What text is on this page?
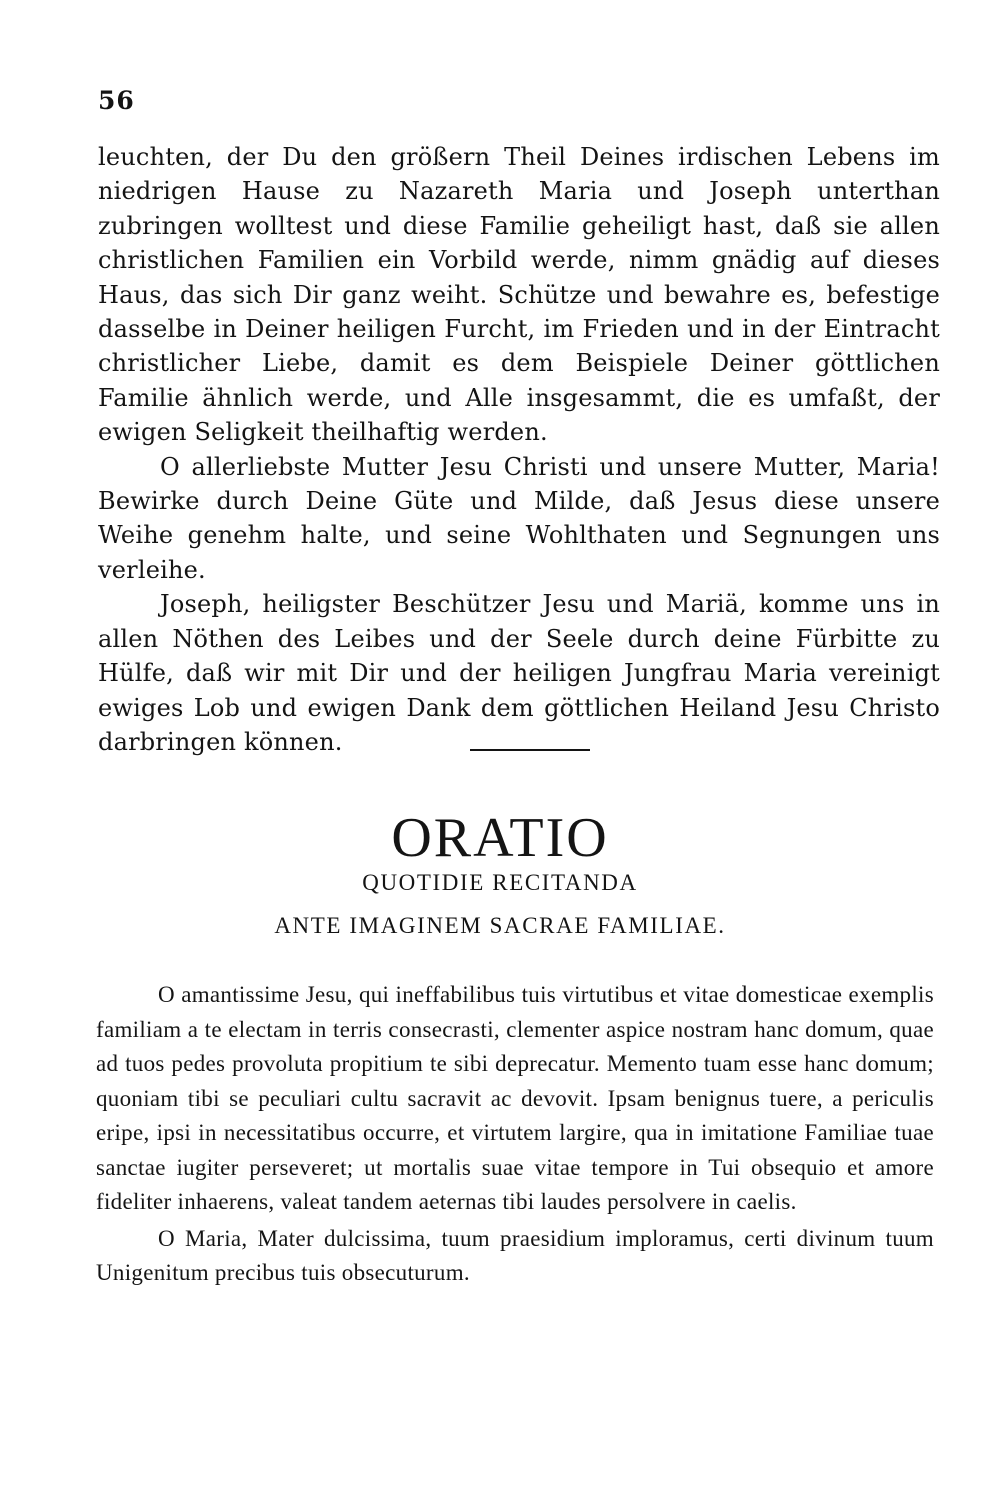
56

leuchten, der Du den größern Theil Deines irdischen Lebens im niedrigen Hause zu Nazareth Maria und Joseph unterthan zubringen wolltest und diese Familie geheiligt hast, daß sie allen christlichen Familien ein Vorbild werde, nimm gnädig auf dieses Haus, das sich Dir ganz weiht. Schütze und bewahre es, befestige dasselbe in Deiner heiligen Furcht, im Frieden und in der Eintracht christlicher Liebe, damit es dem Beispiele Deiner göttlichen Familie ähnlich werde, und Alle insgesammt, die es umfaßt, der ewigen Seligkeit theilhaftig werden.

O allerliebste Mutter Jesu Christi und unsere Mutter, Maria! Bewirke durch Deine Güte und Milde, daß Jesus diese unsere Weihe genehm halte, und seine Wohlthaten und Segnungen uns verleihe.

Joseph, heiligster Beschützer Jesu und Mariä, komme uns in allen Nöthen des Leibes und der Seele durch deine Fürbitte zu Hülfe, daß wir mit Dir und der heiligen Jungfrau Maria vereinigt ewiges Lob und ewigen Dank dem göttlichen Heiland Jesu Christo darbringen können.

ORATIO

QUOTIDIE RECITANDA

ANTE IMAGINEM SACRAE FAMILIAE.

O amantissime Jesu, qui ineffabilibus tuis virtutibus et vitae domesticae exemplis familiam a te electam in terris consecrasti, clementer aspice nostram hanc domum, quae ad tuos pedes provoluta propitium te sibi deprecatur. Memento tuam esse hanc domum; quoniam tibi se peculiari cultu sacravit ac devovit. Ipsam benignus tuere, a periculis eripe, ipsi in necessitatibus occurre, et virtutem largire, qua in imitatione Familiae tuae sanctae iugiter perseveret; ut mortalis suae vitae tempore in Tui obsequio et amore fideliter inhaerens, valeat tandem aeternas tibi laudes persolvere in caelis.

O Maria, Mater dulcissima, tuum praesidium imploramus, certi divinum tuum Unigenitum precibus tuis obsecuturum.
